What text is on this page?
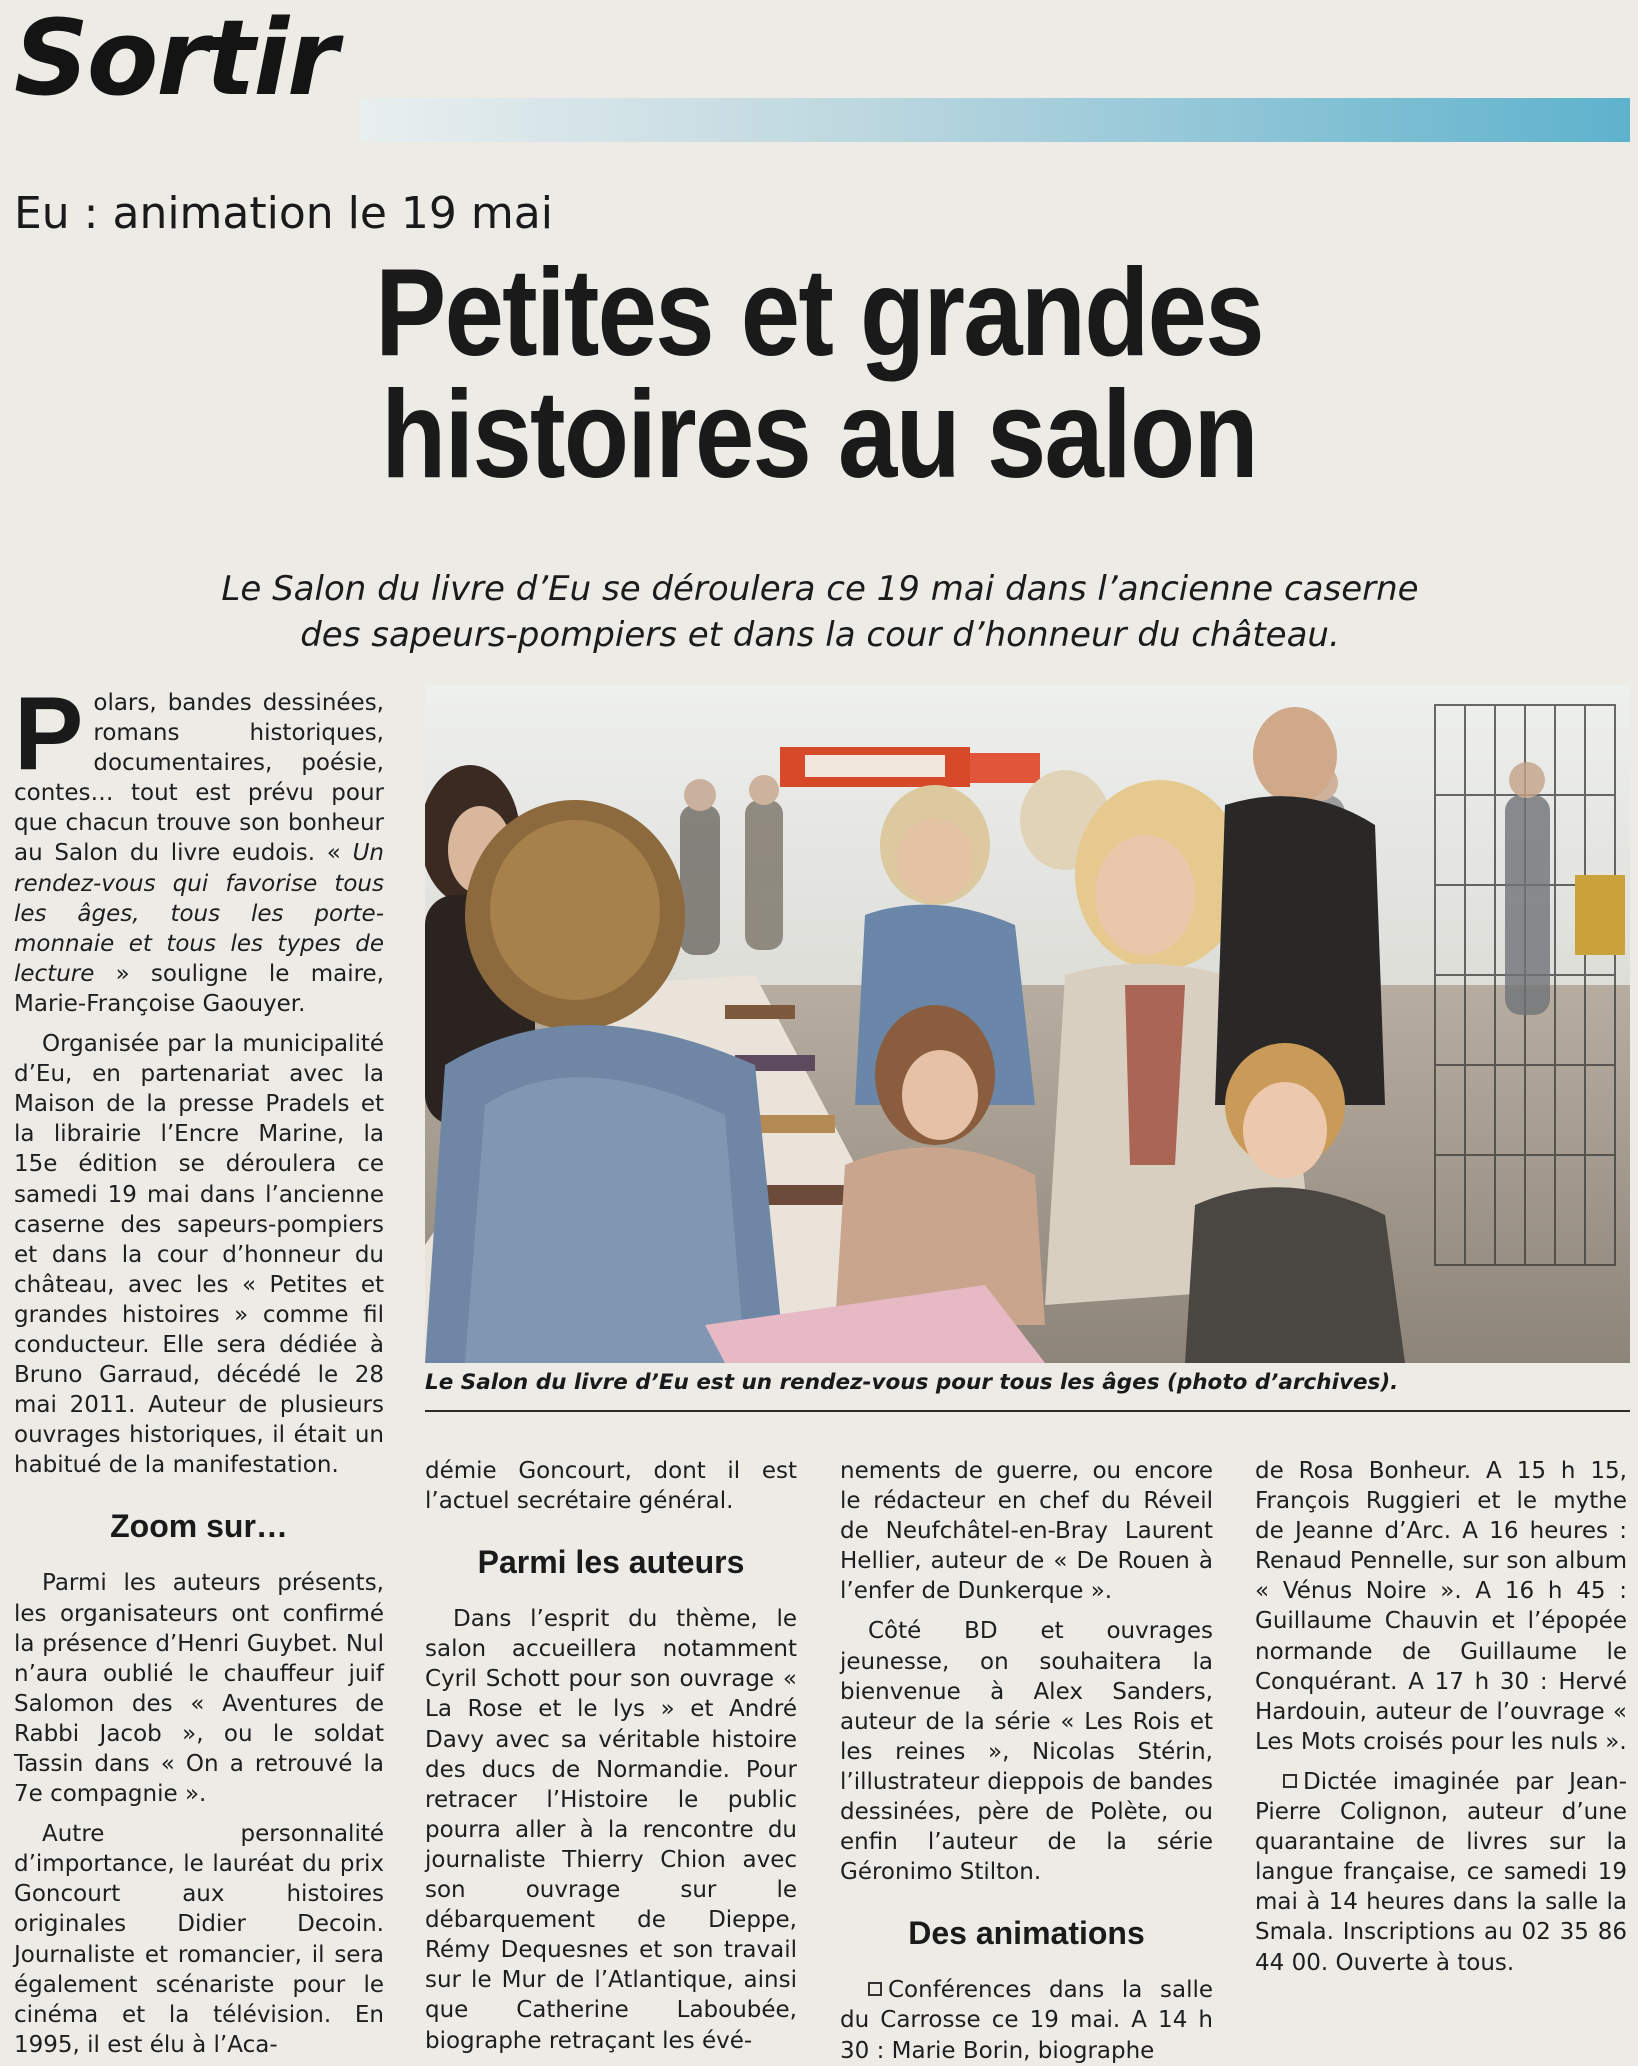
Sortir
Eu : animation le 19 mai
Petites et grandes
histoires au salon
Le Salon du livre d’Eu se déroulera ce 19 mai dans l’ancienne caserne
des sapeurs-pompiers et dans la cour d’honneur du château.
Le Salon du livre d’Eu est un rendez-vous pour tous les âges (photo d’archives).

Polars, bandes dessinées, romans historiques, documentaires, poésie, contes… tout est prévu pour que chacun trouve son bonheur au Salon du livre eudois. « Un rendez-vous qui favorise tous les âges, tous les porte-monnaie et tous les types de lecture » souligne le maire, Marie-Françoise Gaouyer.

Organisée par la municipalité d’Eu, en partenariat avec la Maison de la presse Pradels et la librairie l’Encre Marine, la 15e édition se déroulera ce samedi 19 mai dans l’ancienne caserne des sapeurs-pompiers et dans la cour d’honneur du château, avec les « Petites et grandes histoires » comme fil conducteur. Elle sera dédiée à Bruno Garraud, décédé le 28 mai 2011. Auteur de plusieurs ouvrages historiques, il était un habitué de la manifestation.

Zoom sur…

Parmi les auteurs présents, les organisateurs ont confirmé la présence d’Henri Guybet. Nul n’aura oublié le chauffeur juif Salomon des « Aventures de Rabbi Jacob », ou le soldat Tassin dans « On a retrouvé la 7e compagnie ».

Autre personnalité d’importance, le lauréat du prix Goncourt aux histoires originales Didier Decoin. Journaliste et romancier, il sera également scénariste pour le cinéma et la télévision. En 1995, il est élu à l’Aca-

démie Goncourt, dont il est l’actuel secrétaire général.

Parmi les auteurs

Dans l’esprit du thème, le salon accueillera notamment Cyril Schott pour son ouvrage « La Rose et le lys » et André Davy avec sa véritable histoire des ducs de Normandie. Pour retracer l’Histoire le public pourra aller à la rencontre du journaliste Thierry Chion avec son ouvrage sur le débarquement de Dieppe, Rémy Dequesnes et son travail sur le Mur de l’Atlantique, ainsi que Catherine Laboubée, biographe retraçant les évé-

nements de guerre, ou encore le rédacteur en chef du Réveil de Neufchâtel-en-Bray Laurent Hellier, auteur de « De Rouen à l’enfer de Dunkerque ».

Côté BD et ouvrages jeunesse, on souhaitera la bienvenue à Alex Sanders, auteur de la série « Les Rois et les reines », Nicolas Stérin, l’illustrateur dieppois de bandes dessinées, père de Polète, ou enfin l’auteur de la série Géronimo Stilton.

Des animations

Conférences dans la salle du Carrosse ce 19 mai. A 14 h 30 : Marie Borin, biographe

de Rosa Bonheur. A 15 h 15, François Ruggieri et le mythe de Jeanne d’Arc. A 16 heures : Renaud Pennelle, sur son album « Vénus Noire ». A 16 h 45 : Guillaume Chauvin et l’épopée normande de Guillaume le Conquérant. A 17 h 30 : Hervé Hardouin, auteur de l’ouvrage « Les Mots croisés pour les nuls ».

Dictée imaginée par Jean-Pierre Colignon, auteur d’une quarantaine de livres sur la langue française, ce samedi 19 mai à 14 heures dans la salle la Smala. Inscriptions au 02 35 86 44 00. Ouverte à tous.
